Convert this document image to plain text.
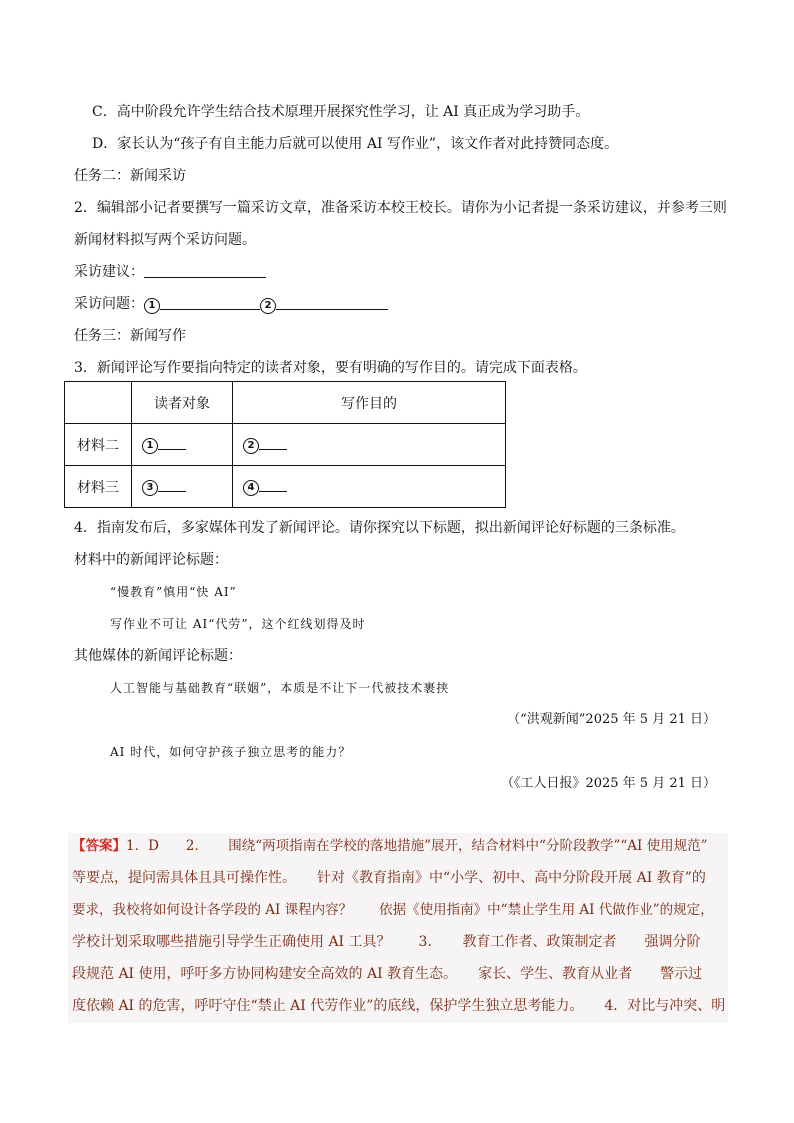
C．高中阶段允许学生结合技术原理开展探究性学习，让 AI 真正成为学习助手。
D．家长认为“孩子有自主能力后就可以使用 AI 写作业”，该文作者对此持赞同态度。
任务二：新闻采访
2．编辑部小记者要撰写一篇采访文章，准备采访本校王校长。请你为小记者提一条采访建议，并参考三则
新闻材料拟写两个采访问题。
采访建议：
采访问题： 1	2
任务三：新闻写作
3．新闻评论写作要指向特定的读者对象，要有明确的写作目的。请完成下面表格。
	读者对象	写作目的
材料二	1	2
材料三	3	4
4．指南发布后，多家媒体刊发了新闻评论。请你探究以下标题，拟出新闻评论好标题的三条标准。
材料中的新闻评论标题：
“慢教育”慎用“快 AI”
写作业不可让 AI“代劳”，这个红线划得及时
其他媒体的新闻评论标题：
人工智能与基础教育“联姻”，本质是不让下一代被技术裹挟
（“洪观新闻”2025 年 5 月 21 日）
AI 时代，如何守护孩子独立思考的能力？
（《工人日报》2025 年 5 月 21 日）
【答案】1．D　　2．　　围绕“两项指南在学校的落地措施”展开，结合材料中“分阶段教学”“AI 使用规范”
等要点，提问需具体且具可操作性。　　针对《教育指南》中“小学、初中、高中分阶段开展 AI 教育”的
要求，我校将如何设计各学段的 AI 课程内容？　　依据《使用指南》中“禁止学生用 AI 代做作业”的规定，
学校计划采取哪些措施引导学生正确使用 AI 工具？　　3．　　教育工作者、政策制定者　　强调分阶
段规范 AI 使用，呼吁多方协同构建安全高效的 AI 教育生态。　　家长、学生、教育从业者　　警示过
度依赖 AI 的危害，呼吁守住“禁止 AI 代劳作业”的底线，保护学生独立思考能力。　　4．对比与冲突、明
